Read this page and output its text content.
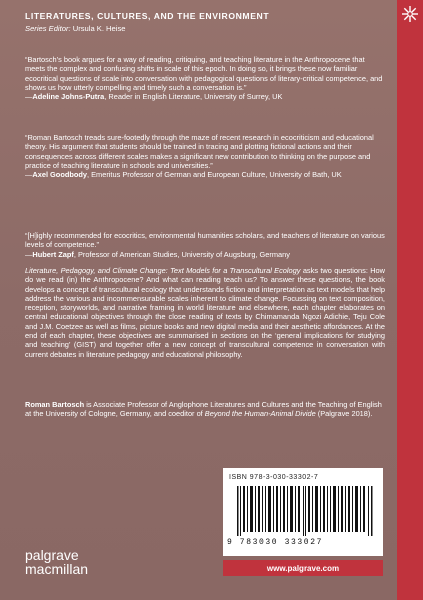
LITERATURES, CULTURES, AND THE ENVIRONMENT
Series Editor: Ursula K. Heise

“Bartosch’s book argues for a way of reading, critiquing, and teaching literature in the Anthropocene that meets the complex and confusing shifts in scale of this epoch. In doing so, it brings these now familiar ecocritical questions of scale into conversation with pedagogical questions of literary-critical competence, and shows us how utterly compelling and timely such a conversation is.”

—Adeline Johns-Putra, Reader in English Literature, University of Surrey, UK

“Roman Bartosch treads sure-footedly through the maze of recent research in ecocriticism and educational theory. His argument that students should be trained in tracing and plotting fictional actions and their consequences across different scales makes a significant new contribution to thinking on the purpose and practice of teaching literature in schools and universities.”

—Axel Goodbody, Emeritus Professor of German and European Culture, University of Bath, UK

“[H]ighly recommended for ecocritics, environmental humanities scholars, and teachers of literature on various levels of competence.”

—Hubert Zapf, Professor of American Studies, University of Augsburg, Germany

Literature, Pedagogy, and Climate Change: Text Models for a Transcultural Ecology asks two questions: How do we read (in) the Anthropocene? And what can reading teach us? To answer these questions, the book develops a concept of transcultural ecology that understands fiction and interpretation as text models that help address the various and incommensurable scales inherent to climate change. Focussing on text composition, reception, storyworlds, and narrative framing in world literature and elsewhere, each chapter elaborates on central educational objectives through the close reading of texts by Chimamanda Ngozi Adichie, Teju Cole and J.M. Coetzee as well as films, picture books and new digital media and their aesthetic affordances. At the end of each chapter, these objectives are summarised in sections on the ‘general implications for studying and teaching’ (GIST) and together offer a new concept of transcultural competence in conversation with current debates in literature pedagogy and educational philosophy.

Roman Bartosch is Associate Professor of Anglophone Literatures and Cultures and the Teaching of English at the University of Cologne, Germany, and coeditor of Beyond the Human-Animal Divide (Palgrave 2018).

ISBN 978-3-030-33302-7
9 783030 333027
www.palgrave.com
palgrave
macmillan
